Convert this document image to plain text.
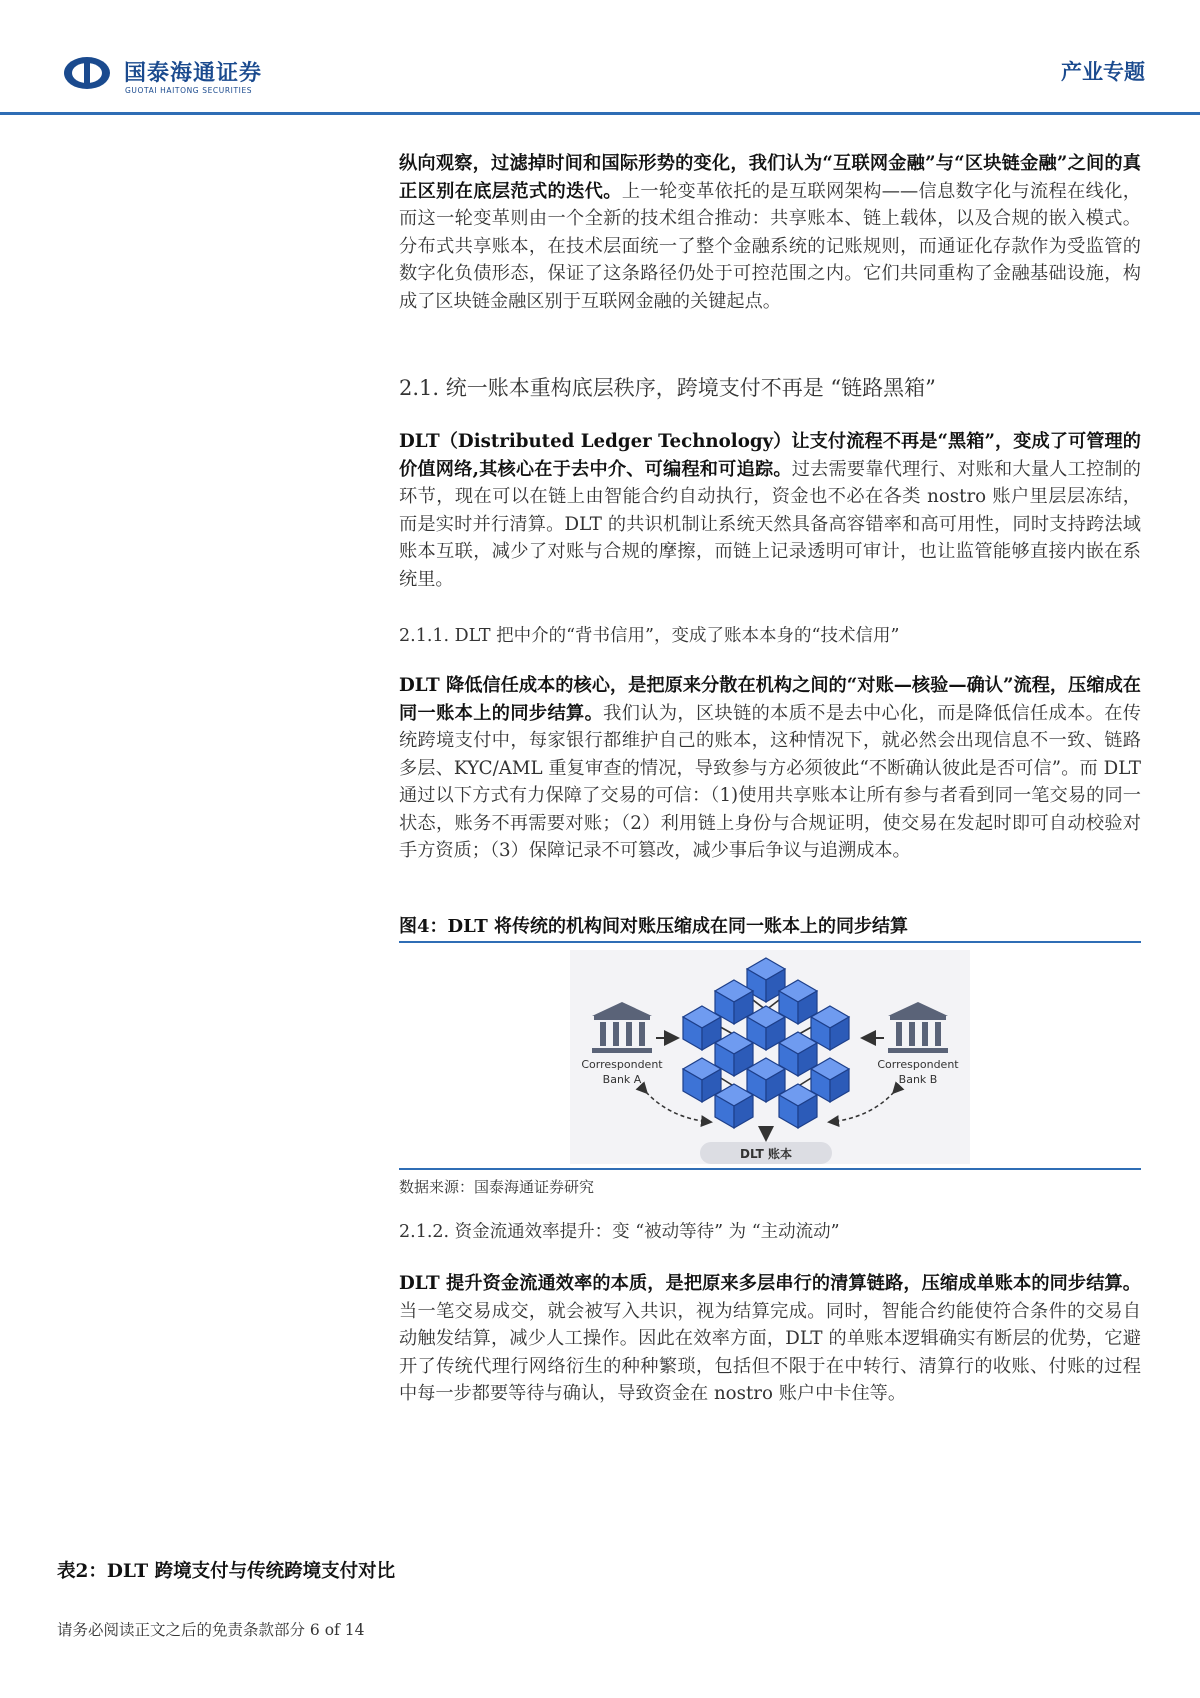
国泰海通证券
GUOTAI HAITONG SECURITIES
产业专题

纵向观察，过滤掉时间和国际形势的变化，我们认为“互联网金融”与“区块链金融”之间的真正区别在底层范式的迭代。上一轮变革依托的是互联网架构——信息数字化与流程在线化，而这一轮变革则由一个全新的技术组合推动：共享账本、链上载体，以及合规的嵌入模式。分布式共享账本，在技术层面统一了整个金融系统的记账规则，而通证化存款作为受监管的数字化负债形态，保证了这条路径仍处于可控范围之内。它们共同重构了金融基础设施，构成了区块链金融区别于互联网金融的关键起点。

2.1. 统一账本重构底层秩序，跨境支付不再是 “链路黑箱”

DLT（Distributed Ledger Technology）让支付流程不再是“黑箱”，变成了可管理的价值网络,其核心在于去中介、可编程和可追踪。过去需要靠代理行、对账和大量人工控制的环节，现在可以在链上由智能合约自动执行，资金也不必在各类 nostro 账户里层层冻结，而是实时并行清算。DLT 的共识机制让系统天然具备高容错率和高可用性，同时支持跨法域账本互联，减少了对账与合规的摩擦，而链上记录透明可审计，也让监管能够直接内嵌在系统里。

2.1.1. DLT 把中介的“背书信用”，变成了账本本身的“技术信用”

DLT 降低信任成本的核心，是把原来分散在机构之间的“对账—核验—确认”流程，压缩成在同一账本上的同步结算。我们认为，区块链的本质不是去中心化，而是降低信任成本。在传统跨境支付中，每家银行都维护自己的账本，这种情况下，就必然会出现信息不一致、链路多层、KYC/AML 重复审查的情况，导致参与方必须彼此“不断确认彼此是否可信”。而 DLT 通过以下方式有力保障了交易的可信：（1)使用共享账本让所有参与者看到同一笔交易的同一状态，账务不再需要对账；（2）利用链上身份与合规证明，使交易在发起时即可自动校验对手方资质；（3）保障记录不可篡改，减少事后争议与追溯成本。

图4：DLT 将传统的机构间对账压缩成在同一账本上的同步结算
Correspondent
Bank A
Correspondent
Bank B
DLT 账本
数据来源：国泰海通证券研究

2.1.2. 资金流通效率提升：变 “被动等待” 为 “主动流动”

DLT 提升资金流通效率的本质，是把原来多层串行的清算链路，压缩成单账本的同步结算。当一笔交易成交，就会被写入共识，视为结算完成。同时，智能合约能使符合条件的交易自动触发结算，减少人工操作。因此在效率方面，DLT 的单账本逻辑确实有断层的优势，它避开了传统代理行网络衍生的种种繁琐，包括但不限于在中转行、清算行的收账、付账的过程中每一步都要等待与确认，导致资金在 nostro 账户中卡住等。

表2：DLT 跨境支付与传统跨境支付对比
请务必阅读正文之后的免责条款部分 6 of 14
